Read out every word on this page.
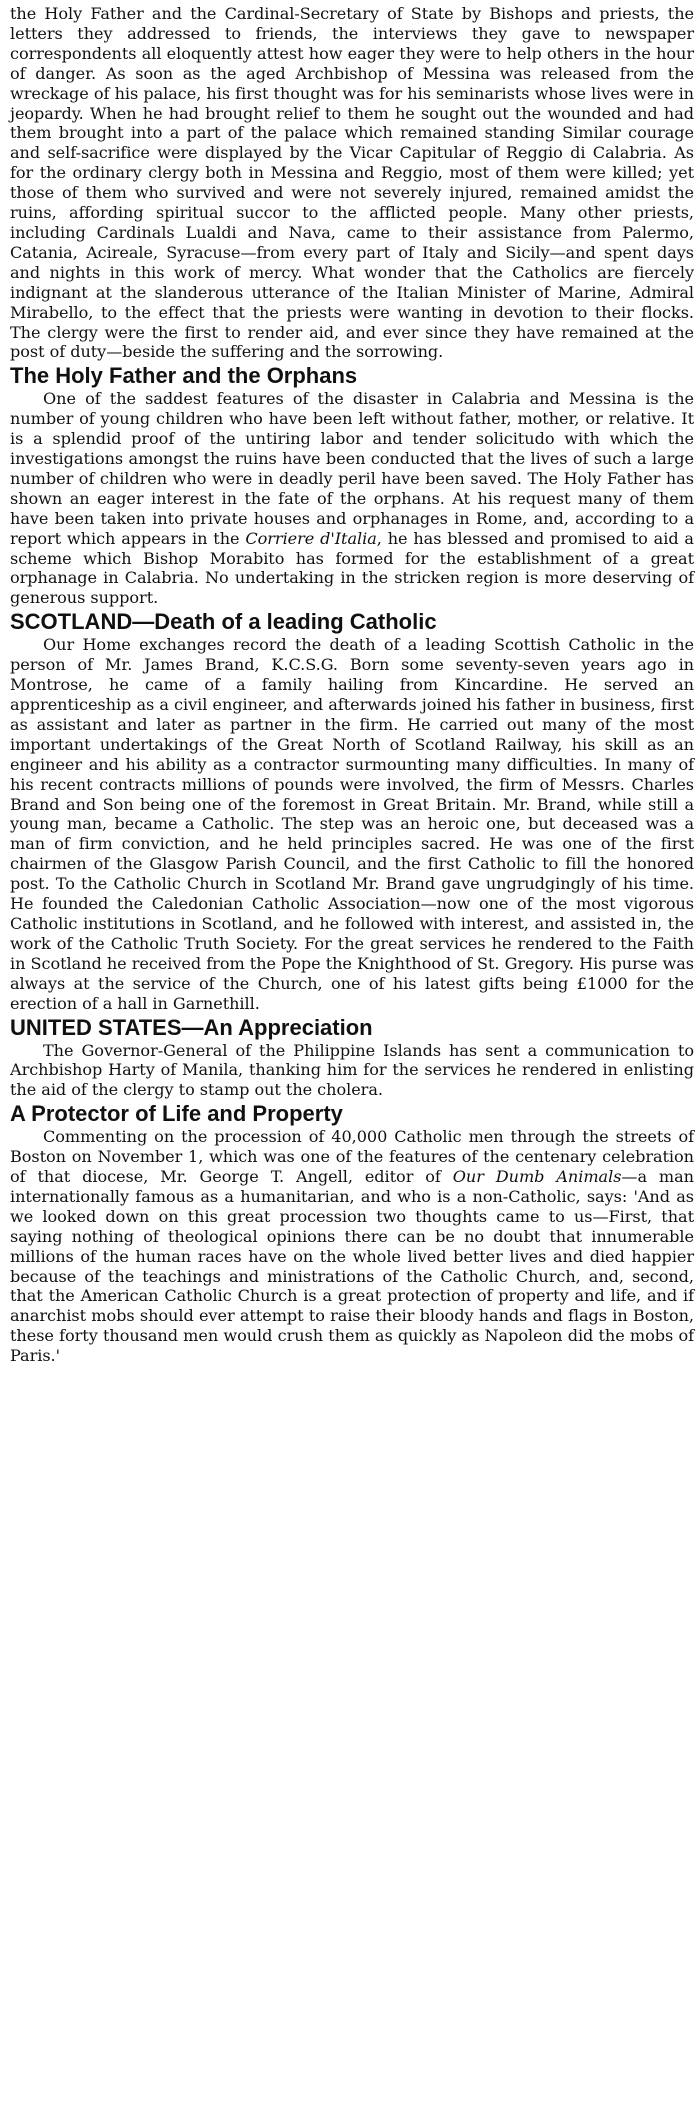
the Holy Father and the Cardinal-Secretary of State by Bishops and priests, the letters they addressed to friends, the interviews they gave to newspaper correspondents all eloquently attest how eager they were to help others in the hour of danger. As soon as the aged Archbishop of Messina was released from the wreckage of his palace, his first thought was for his seminarists whose lives were in jeopardy. When he had brought relief to them he sought out the wounded and had them brought into a part of the palace which remained standing Similar courage and self-sacrifice were displayed by the Vicar Capitular of Reggio di Calabria. As for the ordinary clergy both in Messina and Reggio, most of them were killed; yet those of them who survived and were not severely injured, remained amidst the ruins, affording spiritual succor to the afflicted people. Many other priests, including Cardinals Lualdi and Nava, came to their assistance from Palermo, Catania, Acireale, Syracuse—from every part of Italy and Sicily—and spent days and nights in this work of mercy. What wonder that the Catholics are fiercely indignant at the slanderous utterance of the Italian Minister of Marine, Admiral Mirabello, to the effect that the priests were wanting in devotion to their flocks. The clergy were the first to render aid, and ever since they have remained at the post of duty—beside the suffering and the sorrowing.

The Holy Father and the Orphans

One of the saddest features of the disaster in Calabria and Messina is the number of young children who have been left without father, mother, or relative. It is a splendid proof of the untiring labor and tender solicitudo with which the investigations amongst the ruins have been conducted that the lives of such a large number of children who were in deadly peril have been saved. The Holy Father has shown an eager interest in the fate of the orphans. At his request many of them have been taken into private houses and orphanages in Rome, and, according to a report which appears in the Corriere d'Italia, he has blessed and promised to aid a scheme which Bishop Morabito has formed for the establishment of a great orphanage in Calabria. No undertaking in the stricken region is more deserving of generous support.

SCOTLAND—Death of a leading Catholic

Our Home exchanges record the death of a leading Scottish Catholic in the person of Mr. James Brand, K.C.S.G. Born some seventy-seven years ago in Montrose, he came of a family hailing from Kincardine. He served an apprenticeship as a civil engineer, and afterwards joined his father in business, first as assistant and later as partner in the firm. He carried out many of the most important undertakings of the Great North of Scotland Railway, his skill as an engineer and his ability as a contractor surmounting many difficulties. In many of his recent contracts millions of pounds were involved, the firm of Messrs. Charles Brand and Son being one of the foremost in Great Britain. Mr. Brand, while still a young man, became a Catholic. The step was an heroic one, but deceased was a man of firm conviction, and he held principles sacred. He was one of the first chairmen of the Glasgow Parish Council, and the first Catholic to fill the honored post. To the Catholic Church in Scotland Mr. Brand gave ungrudgingly of his time. He founded the Caledonian Catholic Association—now one of the most vigorous Catholic institutions in Scotland, and he followed with interest, and assisted in, the work of the Catholic Truth Society. For the great services he rendered to the Faith in Scotland he received from the Pope the Knighthood of St. Gregory. His purse was always at the service of the Church, one of his latest gifts being £1000 for the erection of a hall in Garnethill.

UNITED STATES—An Appreciation

The Governor-General of the Philippine Islands has sent a communication to Archbishop Harty of Manila, thanking him for the services he rendered in enlisting the aid of the clergy to stamp out the cholera.

A Protector of Life and Property

Commenting on the procession of 40,000 Catholic men through the streets of Boston on November 1, which was one of the features of the centenary celebration of that diocese, Mr. George T. Angell, editor of Our Dumb Animals—a man internationally famous as a humanitarian, and who is a non-Catholic, says: 'And as we looked down on this great procession two thoughts came to us—First, that saying nothing of theological opinions there can be no doubt that innumerable millions of the human races have on the whole lived better lives and died happier because of the teachings and ministrations of the Catholic Church, and, second, that the American Catholic Church is a great protection of property and life, and if anarchist mobs should ever attempt to raise their bloody hands and flags in Boston, these forty thousand men would crush them as quickly as Napoleon did the mobs of Paris.'
